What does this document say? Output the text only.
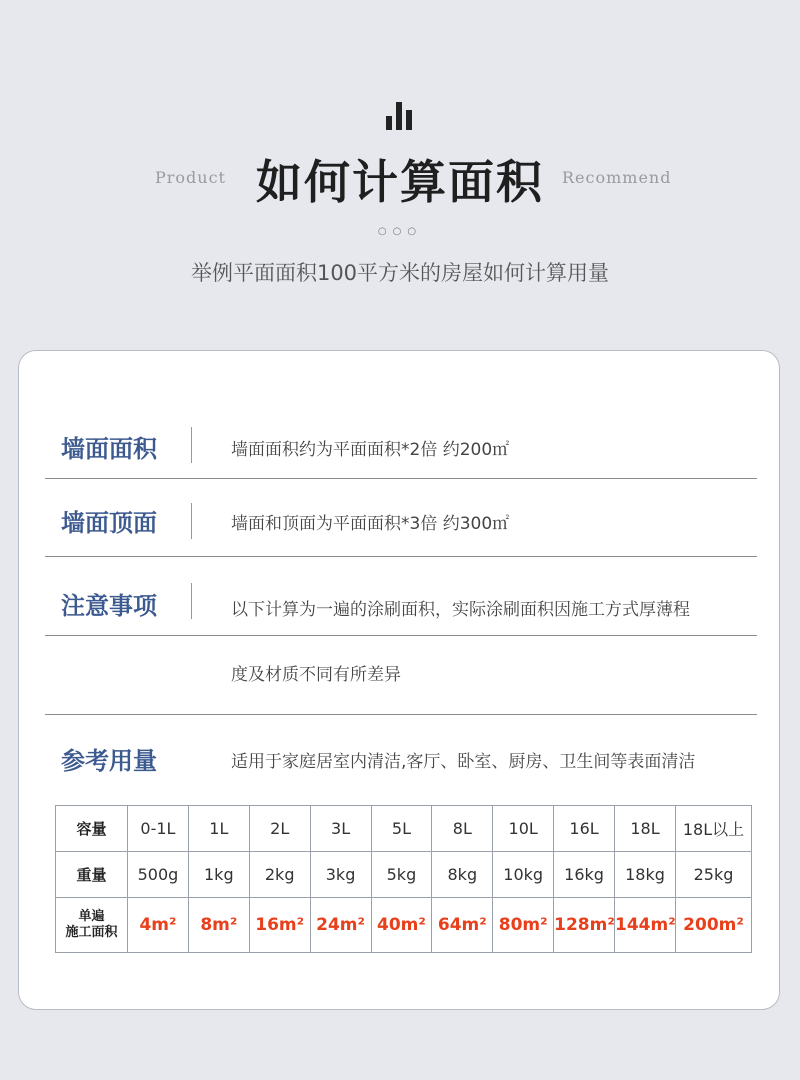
Product 如何计算面积	Recommend
○○○
举例平面面积100平方米的房屋如何计算用量
墙面面积	墙面面积约为平面面积*2倍 约200㎡
墙面顶面	墙面和顶面为平面面积*3倍 约300㎡
注意事项	以下计算为一遍的涂刷面积，实际涂刷面积因施工方式厚薄程
度及材质不同有所差异
参考用量	适用于家庭居室内清洁,客厅、卧室、厨房、卫生间等表面清洁
容量	0-1L	1L	2L	3L	5L	8L	10L	16L	18L	18L以上
重量	500g	1kg	2kg	3kg	5kg	8kg	10kg	16kg	18kg	25kg
单遍
施工面积	4m²	8m²	16m²	24m²	40m²	64m²	80m²	128m²	144m²	200m²
